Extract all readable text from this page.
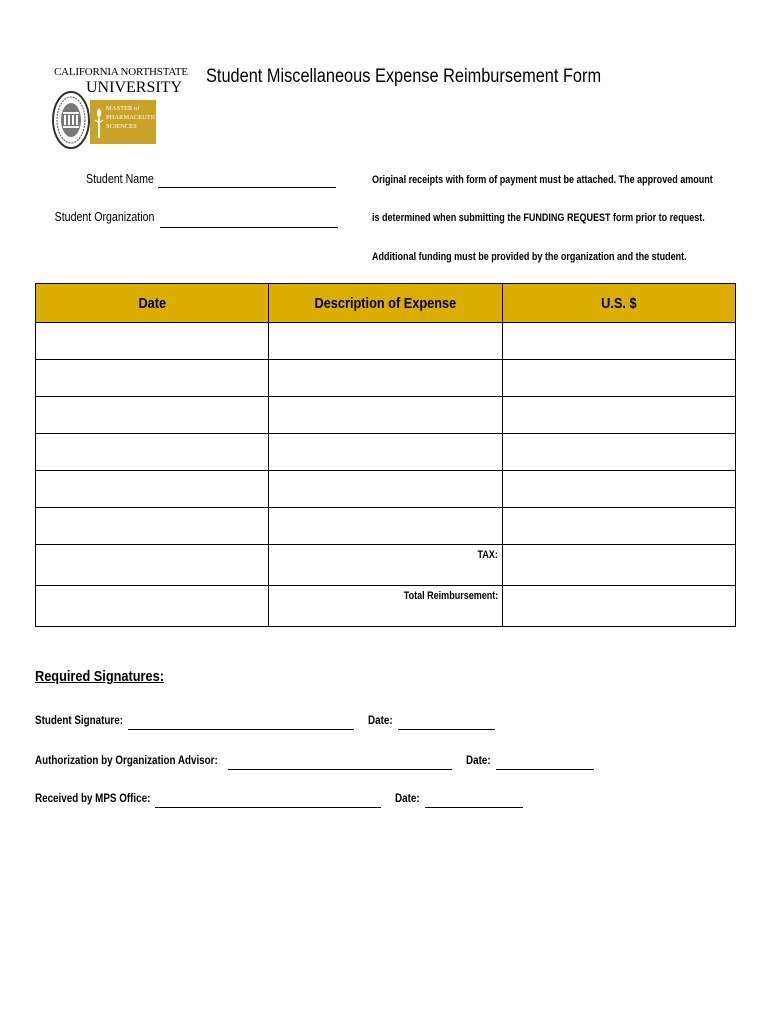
CALIFORNIA NORTHSTATE
UNIVERSITY
MASTER of
PHARMACEUTICAL
SCIENCES
Student Miscellaneous Expense Reimbursement Form
Student Name
Student Organization
Original receipts with form of payment must be attached. The approved amount
is determined when submitting the FUNDING REQUEST form prior to request.
Additional funding must be provided by the organization and the student.
Date	Description of Expense	U.S. $

	TAX:	
	Total Reimbursement:	
Required Signatures:
Student Signature:	Date:
Authorization by Organization Advisor:	Date:
Received by MPS Office:	Date:
